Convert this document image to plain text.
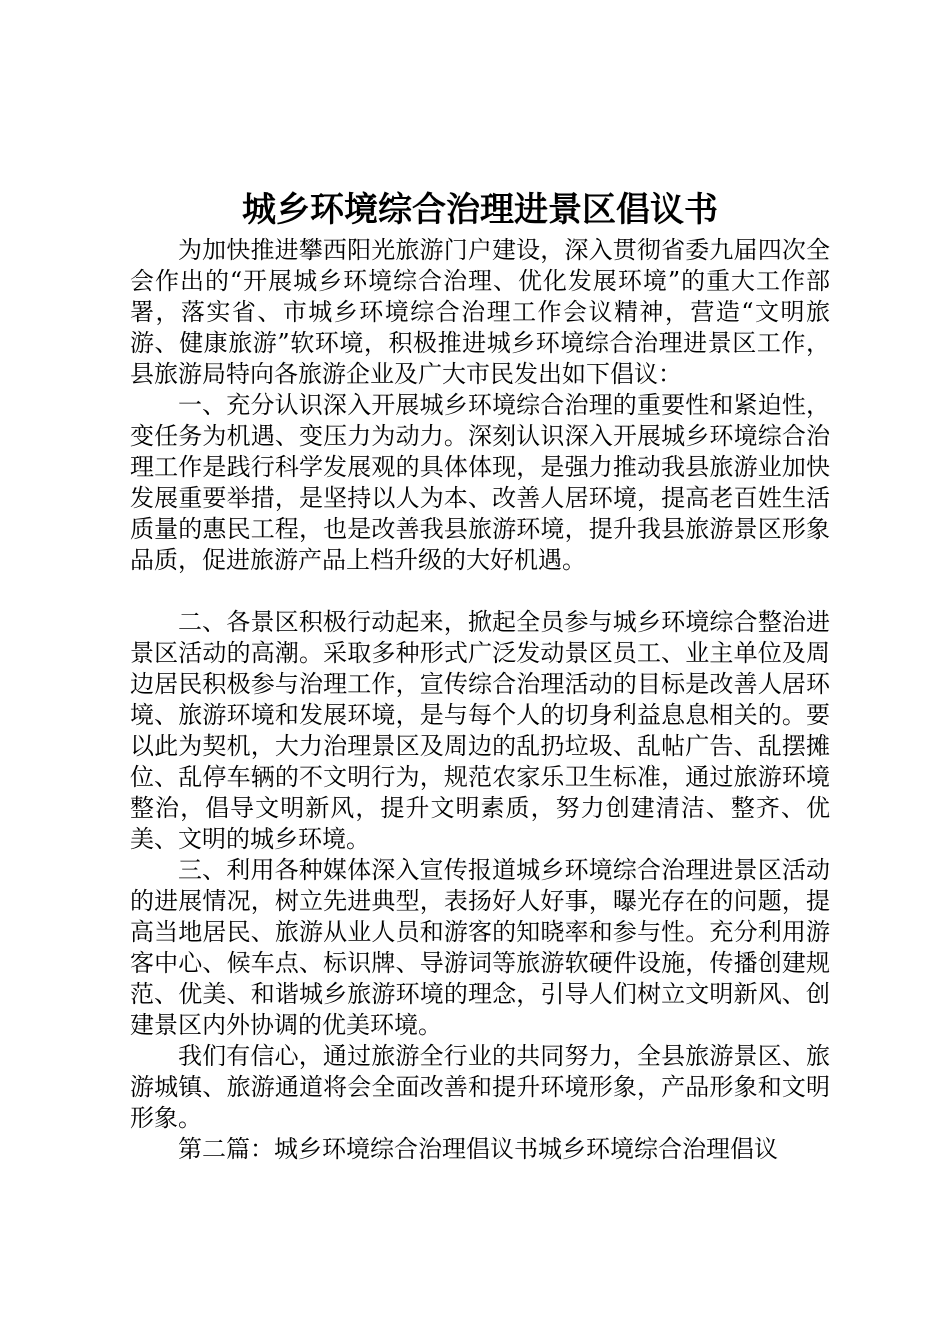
城乡环境综合治理进景区倡议书

为加快推进攀西阳光旅游门户建设，深入贯彻省委九届四次全会作出的“开展城乡环境综合治理、优化发展环境”的重大工作部署，落实省、市城乡环境综合治理工作会议精神，营造“文明旅游、健康旅游”软环境，积极推进城乡环境综合治理进景区工作，县旅游局特向各旅游企业及广大市民发出如下倡议：

一、充分认识深入开展城乡环境综合治理的重要性和紧迫性，变任务为机遇、变压力为动力。深刻认识深入开展城乡环境综合治理工作是践行科学发展观的具体体现，是强力推动我县旅游业加快发展重要举措，是坚持以人为本、改善人居环境，提高老百姓生活质量的惠民工程，也是改善我县旅游环境，提升我县旅游景区形象品质，促进旅游产品上档升级的大好机遇。

二、各景区积极行动起来，掀起全员参与城乡环境综合整治进景区活动的高潮。采取多种形式广泛发动景区员工、业主单位及周边居民积极参与治理工作，宣传综合治理活动的目标是改善人居环境、旅游环境和发展环境，是与每个人的切身利益息息相关的。要以此为契机，大力治理景区及周边的乱扔垃圾、乱帖广告、乱摆摊位、乱停车辆的不文明行为，规范农家乐卫生标准，通过旅游环境整治，倡导文明新风，提升文明素质，努力创建清洁、整齐、优美、文明的城乡环境。

三、利用各种媒体深入宣传报道城乡环境综合治理进景区活动的进展情况，树立先进典型，表扬好人好事，曝光存在的问题，提高当地居民、旅游从业人员和游客的知晓率和参与性。充分利用游客中心、候车点、标识牌、导游词等旅游软硬件设施，传播创建规范、优美、和谐城乡旅游环境的理念，引导人们树立文明新风、创建景区内外协调的优美环境。

我们有信心，通过旅游全行业的共同努力，全县旅游景区、旅游城镇、旅游通道将会全面改善和提升环境形象，产品形象和文明形象。

第二篇：城乡环境综合治理倡议书城乡环境综合治理倡议
